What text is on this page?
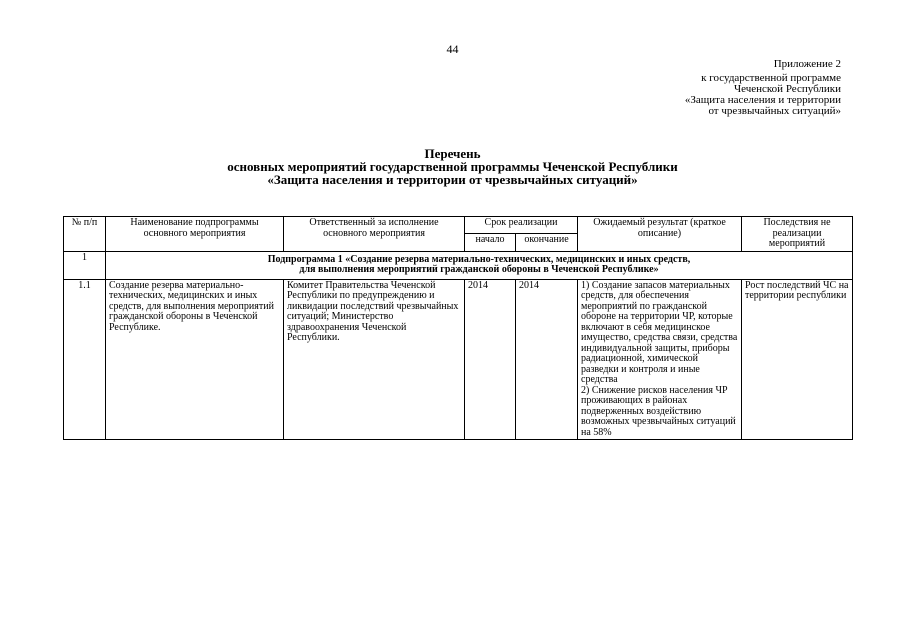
44
Приложение 2
к государственной программе
Чеченской Республики
«Защита населения и территории
от чрезвычайных ситуаций»
Перечень
основных мероприятий государственной программы Чеченской Республики
«Защита населения и территории от чрезвычайных ситуаций»
№ п/п	Наименование подпрограммы основного мероприятия	Ответственный за исполнение основного мероприятия	Срок реализации		Ожидаемый результат (краткое описание)	Последствия не реализации мероприятий
			начало	окончание		
1	Подпрограмма 1 «Создание резерва материально-технических, медицинских и иных средств,
для выполнения мероприятий гражданской обороны в Чеченской Республике»					

1.1	Создание резерва материально-технических, медицинских и иных средств, для выполнения мероприятий гражданской обороны в Чеченской Республике.	Комитет Правительства Чеченской Республики по предупреждению и ликвидации последствий чрезвычайных ситуаций; Министерство здравоохранения Чеченской Республики.	2014	2014	1) Создание запасов материальных средств, для обеспечения мероприятий по гражданской обороне на территории ЧР, которые включают в себя медицинское имущество, средства связи, средства индивидуальной защиты, приборы радиационной, химической разведки и контроля и иные средства
2) Снижение рисков населения ЧР проживающих в районах подверженных воздействию возможных чрезвычайных ситуаций на 58%	Рост последствий ЧС на территории республики
